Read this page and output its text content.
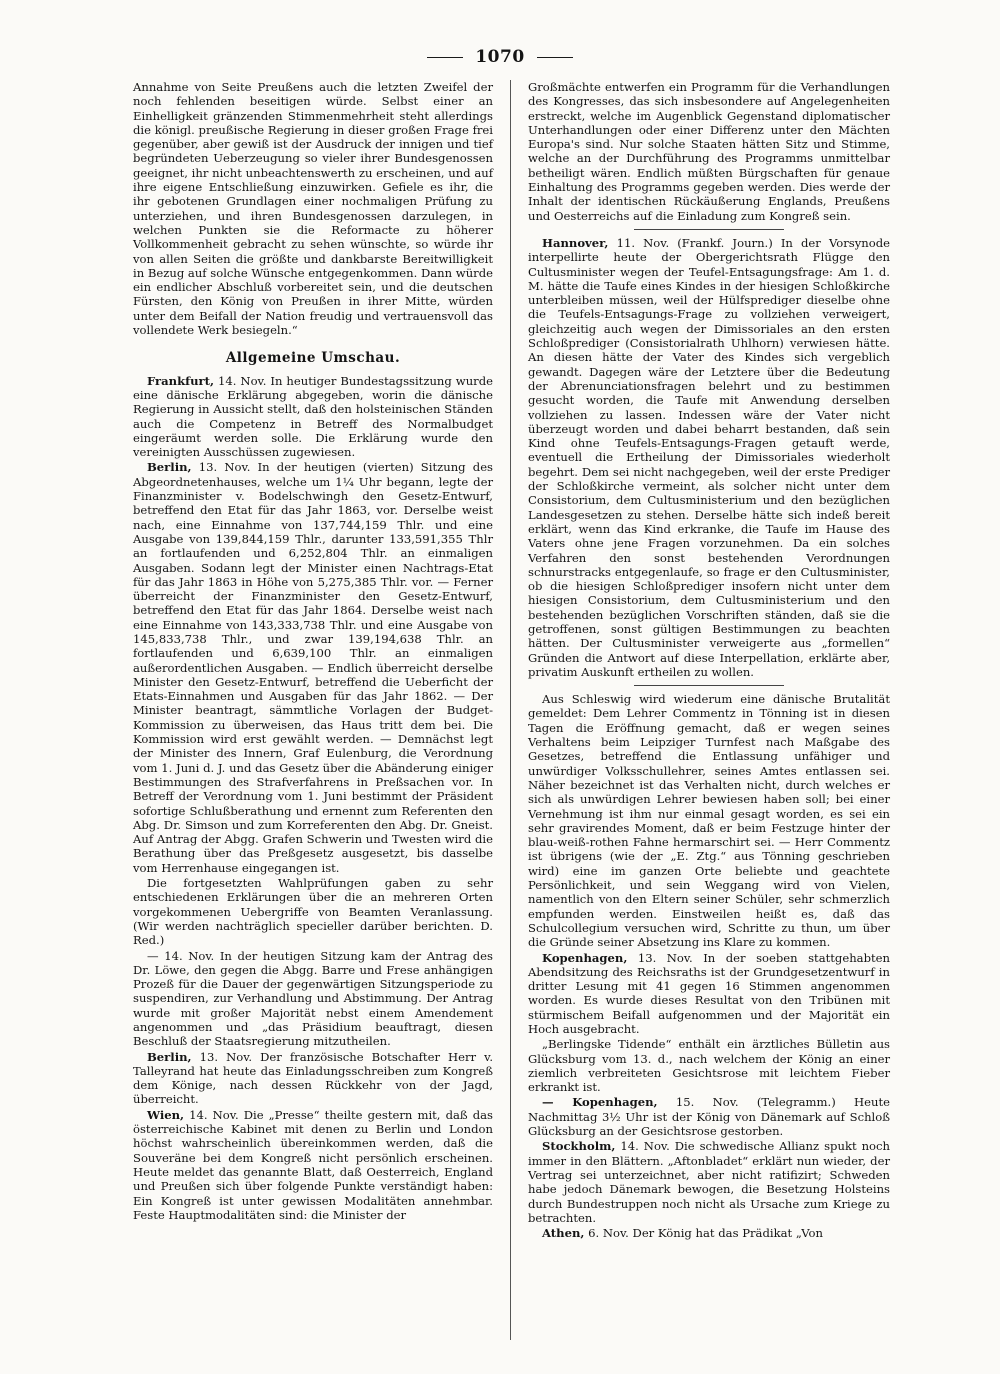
1070

Annahme von Seite Preußens auch die letzten Zweifel der noch fehlenden beseitigen würde. Selbst einer an Einhelligkeit gränzenden Stimmenmehrheit steht allerdings die königl. preußische Regierung in dieser großen Frage frei gegenüber, aber gewiß ist der Ausdruck der innigen und tief begründeten Ueberzeugung so vieler ihrer Bundesgenossen geeignet, ihr nicht unbeachtenswerth zu erscheinen, und auf ihre eigene Entschließung einzuwirken. Gefiele es ihr, die ihr gebotenen Grundlagen einer nochmaligen Prüfung zu unterziehen, und ihren Bundesgenossen darzulegen, in welchen Punkten sie die Reformacte zu höherer Vollkommenheit gebracht zu sehen wünschte, so würde ihr von allen Seiten die größte und dankbarste Bereitwilligkeit in Bezug auf solche Wünsche entgegenkommen. Dann würde ein endlicher Abschluß vorbereitet sein, und die deutschen Fürsten, den König von Preußen in ihrer Mitte, würden unter dem Beifall der Nation freudig und vertrauensvoll das vollendete Werk besiegeln.“

Allgemeine Umschau.

Frankfurt, 14. Nov. In heutiger Bundestagssitzung wurde eine dänische Erklärung abgegeben, worin die dänische Regierung in Aussicht stellt, daß den holsteinischen Ständen auch die Competenz in Betreff des Normalbudget eingeräumt werden solle. Die Erklärung wurde den vereinigten Ausschüssen zugewiesen.

Berlin, 13. Nov. In der heutigen (vierten) Sitzung des Abgeordnetenhauses, welche um 1¼ Uhr begann, legte der Finanzminister v. Bodelschwingh den Gesetz-Entwurf, betreffend den Etat für das Jahr 1863, vor. Derselbe weist nach, eine Einnahme von 137,744,159 Thlr. und eine Ausgabe von 139,844,159 Thlr., darunter 133,591,355 Thlr an fortlaufenden und 6,252,804 Thlr. an einmaligen Ausgaben. Sodann legt der Minister einen Nachtrags-Etat für das Jahr 1863 in Höhe von 5,275,385 Thlr. vor. — Ferner überreicht der Finanzminister den Gesetz-Entwurf, betreffend den Etat für das Jahr 1864. Derselbe weist nach eine Einnahme von 143,333,738 Thlr. und eine Ausgabe von 145,833,738 Thlr., und zwar 139,194,638 Thlr. an fortlaufenden und 6,639,100 Thlr. an einmaligen außerordentlichen Ausgaben. — Endlich überreicht derselbe Minister den Gesetz-Entwurf, betreffend die Ueberficht der Etats-Einnahmen und Ausgaben für das Jahr 1862. — Der Minister beantragt, sämmtliche Vorlagen der Budget-Kommission zu überweisen, das Haus tritt dem bei. Die Kommission wird erst gewählt werden. — Demnächst legt der Minister des Innern, Graf Eulenburg, die Verordnung vom 1. Juni d. J. und das Gesetz über die Abänderung einiger Bestimmungen des Strafverfahrens in Preßsachen vor. In Betreff der Verordnung vom 1. Juni bestimmt der Präsident sofortige Schlußberathung und ernennt zum Referenten den Abg. Dr. Simson und zum Korreferenten den Abg. Dr. Gneist. Auf Antrag der Abgg. Grafen Schwerin und Twesten wird die Berathung über das Preßgesetz ausgesetzt, bis dasselbe vom Herrenhause eingegangen ist.

Die fortgesetzten Wahlprüfungen gaben zu sehr entschiedenen Erklärungen über die an mehreren Orten vorgekommenen Uebergriffe von Beamten Veranlassung. (Wir werden nachträglich specieller darüber berichten. D. Red.)

— 14. Nov. In der heutigen Sitzung kam der Antrag des Dr. Löwe, den gegen die Abgg. Barre und Frese anhängigen Prozeß für die Dauer der gegenwärtigen Sitzungsperiode zu suspendiren, zur Verhandlung und Abstimmung. Der Antrag wurde mit großer Majorität nebst einem Amendement angenommen und „das Präsidium beauftragt, diesen Beschluß der Staatsregierung mitzutheilen.

Berlin, 13. Nov. Der französische Botschafter Herr v. Talleyrand hat heute das Einladungsschreiben zum Kongreß dem Könige, nach dessen Rückkehr von der Jagd, überreicht.

Wien, 14. Nov. Die „Presse“ theilte gestern mit, daß das österreichische Kabinet mit denen zu Berlin und London höchst wahrscheinlich übereinkommen werden, daß die Souveräne bei dem Kongreß nicht persönlich erscheinen. Heute meldet das genannte Blatt, daß Oesterreich, England und Preußen sich über folgende Punkte verständigt haben: Ein Kongreß ist unter gewissen Modalitäten annehmbar. Feste Hauptmodalitäten sind: die Minister der

Großmächte entwerfen ein Programm für die Verhandlungen des Kongresses, das sich insbesondere auf Angelegenheiten erstreckt, welche im Augenblick Gegenstand diplomatischer Unterhandlungen oder einer Differenz unter den Mächten Europa's sind. Nur solche Staaten hätten Sitz und Stimme, welche an der Durchführung des Programms unmittelbar betheiligt wären. Endlich müßten Bürgschaften für genaue Einhaltung des Programms gegeben werden. Dies werde der Inhalt der identischen Rückäußerung Englands, Preußens und Oesterreichs auf die Einladung zum Kongreß sein.

Hannover, 11. Nov. (Frankf. Journ.) In der Vorsynode interpellirte heute der Obergerichtsrath Flügge den Cultusminister wegen der Teufel-Entsagungsfrage: Am 1. d. M. hätte die Taufe eines Kindes in der hiesigen Schloßkirche unterbleiben müssen, weil der Hülfsprediger dieselbe ohne die Teufels-Entsagungs-Frage zu vollziehen verweigert, gleichzeitig auch wegen der Dimissoriales an den ersten Schloßprediger (Consistorialrath Uhlhorn) verwiesen hätte. An diesen hätte der Vater des Kindes sich vergeblich gewandt. Dagegen wäre der Letztere über die Bedeutung der Abrenunciationsfragen belehrt und zu bestimmen gesucht worden, die Taufe mit Anwendung derselben vollziehen zu lassen. Indessen wäre der Vater nicht überzeugt worden und dabei beharrt bestanden, daß sein Kind ohne Teufels-Entsagungs-Fragen getauft werde, eventuell die Ertheilung der Dimissoriales wiederholt begehrt. Dem sei nicht nachgegeben, weil der erste Prediger der Schloßkirche vermeint, als solcher nicht unter dem Consistorium, dem Cultusministerium und den bezüglichen Landesgesetzen zu stehen. Derselbe hätte sich indeß bereit erklärt, wenn das Kind erkranke, die Taufe im Hause des Vaters ohne jene Fragen vorzunehmen. Da ein solches Verfahren den sonst bestehenden Verordnungen schnurstracks entgegenlaufe, so frage er den Cultusminister, ob die hiesigen Schloßprediger insofern nicht unter dem hiesigen Consistorium, dem Cultusministerium und den bestehenden bezüglichen Vorschriften ständen, daß sie die getroffenen, sonst gültigen Bestimmungen zu beachten hätten. Der Cultusminister verweigerte aus „formellen“ Gründen die Antwort auf diese Interpellation, erklärte aber, privatim Auskunft ertheilen zu wollen.

Aus Schleswig wird wiederum eine dänische Brutalität gemeldet: Dem Lehrer Commentz in Tönning ist in diesen Tagen die Eröffnung gemacht, daß er wegen seines Verhaltens beim Leipziger Turnfest nach Maßgabe des Gesetzes, betreffend die Entlassung unfähiger und unwürdiger Volksschullehrer, seines Amtes entlassen sei. Näher bezeichnet ist das Verhalten nicht, durch welches er sich als unwürdigen Lehrer bewiesen haben soll; bei einer Vernehmung ist ihm nur einmal gesagt worden, es sei ein sehr gravirendes Moment, daß er beim Festzuge hinter der blau-weiß-rothen Fahne hermarschirt sei. — Herr Commentz ist übrigens (wie der „E. Ztg.“ aus Tönning geschrieben wird) eine im ganzen Orte beliebte und geachtete Persönlichkeit, und sein Weggang wird von Vielen, namentlich von den Eltern seiner Schüler, sehr schmerzlich empfunden werden. Einstweilen heißt es, daß das Schulcollegium versuchen wird, Schritte zu thun, um über die Gründe seiner Absetzung ins Klare zu kommen.

Kopenhagen, 13. Nov. In der soeben stattgehabten Abendsitzung des Reichsraths ist der Grundgesetzentwurf in dritter Lesung mit 41 gegen 16 Stimmen angenommen worden. Es wurde dieses Resultat von den Tribünen mit stürmischem Beifall aufgenommen und der Majorität ein Hoch ausgebracht.

„Berlingske Tidende“ enthält ein ärztliches Bülletin aus Glücksburg vom 13. d., nach welchem der König an einer ziemlich verbreiteten Gesichtsrose mit leichtem Fieber erkrankt ist.

— Kopenhagen, 15. Nov. (Telegramm.) Heute Nachmittag 3½ Uhr ist der König von Dänemark auf Schloß Glücksburg an der Gesichtsrose gestorben.

Stockholm, 14. Nov. Die schwedische Allianz spukt noch immer in den Blättern. „Aftonbladet“ erklärt nun wieder, der Vertrag sei unterzeichnet, aber nicht ratifizirt; Schweden habe jedoch Dänemark bewogen, die Besetzung Holsteins durch Bundestruppen noch nicht als Ursache zum Kriege zu betrachten.

Athen, 6. Nov. Der König hat das Prädikat „Von
